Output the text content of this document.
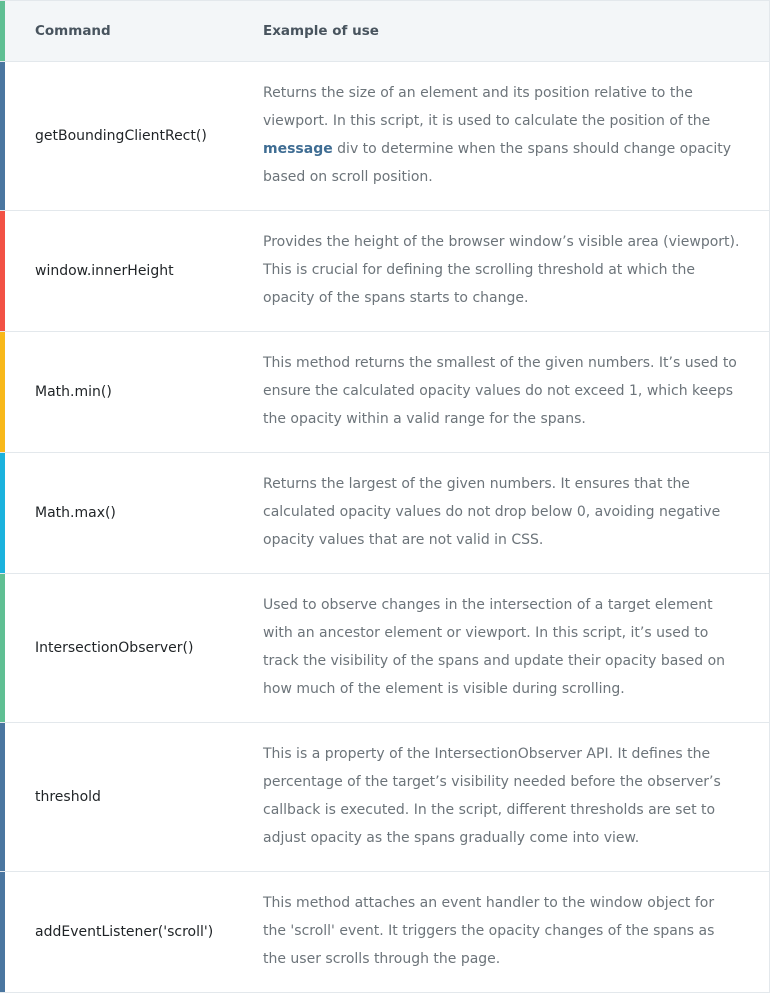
Command	Example of use
getBoundingClientRect()
Returns the size of an element and its position relative to the viewport. In this script, it is used to calculate the position of the message div to determine when the spans should change opacity based on scroll position.
window.innerHeight
Provides the height of the browser window’s visible area (viewport). This is crucial for defining the scrolling threshold at which the opacity of the spans starts to change.
Math.min()
This method returns the smallest of the given numbers. It’s used to ensure the calculated opacity values do not exceed 1, which keeps the opacity within a valid range for the spans.
Math.max()
Returns the largest of the given numbers. It ensures that the calculated opacity values do not drop below 0, avoiding negative opacity values that are not valid in CSS.
IntersectionObserver()
Used to observe changes in the intersection of a target element with an ancestor element or viewport. In this script, it’s used to track the visibility of the spans and update their opacity based on how much of the element is visible during scrolling.
threshold
This is a property of the IntersectionObserver API. It defines the percentage of the target’s visibility needed before the observer’s callback is executed. In the script, different thresholds are set to adjust opacity as the spans gradually come into view.
addEventListener('scroll')
This method attaches an event handler to the window object for the 'scroll' event. It triggers the opacity changes of the spans as the user scrolls through the page.
